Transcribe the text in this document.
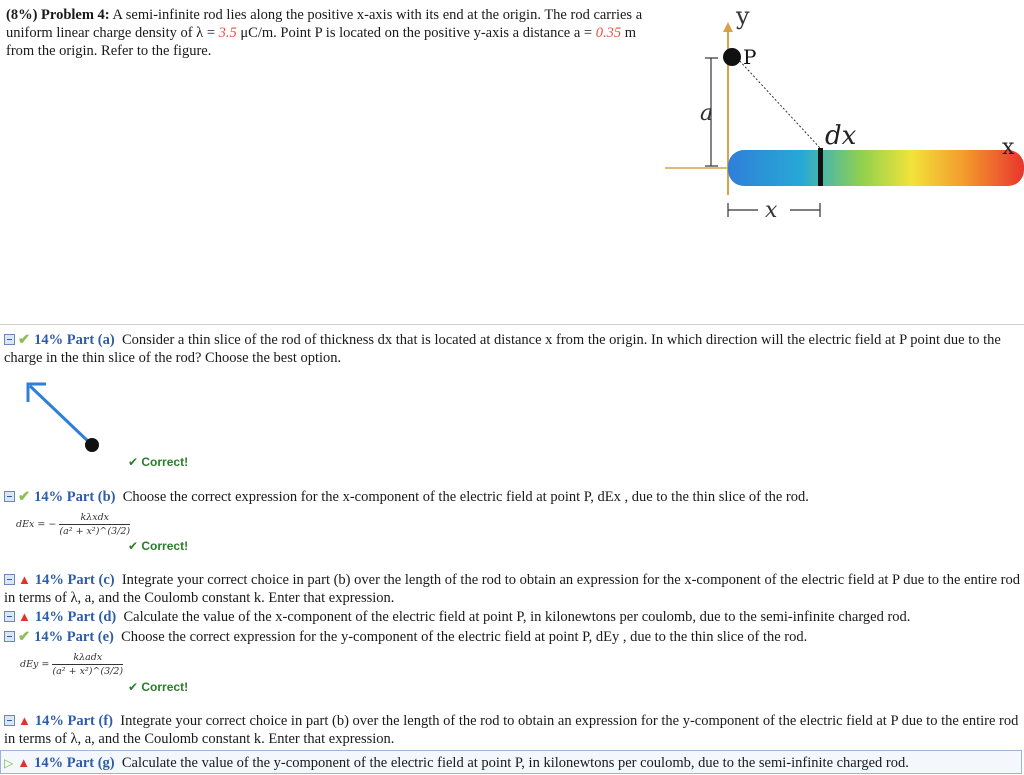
(8%) Problem 4: A semi-infinite rod lies along the positive x-axis with its end at the origin. The rod carries a uniform linear charge density of λ = 3.5 μC/m. Point P is located on the positive y-axis a distance a = 0.35 m from the origin. Refer to the figure.
a
P
y
dx	x
x
✔ 14% Part (a) Consider a thin slice of the rod of thickness dx that is located at distance x from the origin. In which direction will the electric field at P point due to the charge in the thin slice of the rod? Choose the best option.
✔ Correct!
✔ 14% Part (b) Choose the correct expression for the x-component of the electric field at point P, dEx , due to the thin slice of the rod.
dEx = − $\frac{\text{kλxdx}}{\text{(a² + x²)\textasciicircum{}(3/2)}}$
✔ Correct!
▲ 14% Part (c) Integrate your correct choice in part (b) over the length of the rod to obtain an expression for the x-component of the electric field at P due to the entire rod in terms of λ, a, and the Coulomb constant k. Enter that expression.
▲ 14% Part (d) Calculate the value of the x-component of the electric field at point P, in kilonewtons per coulomb, due to the semi-infinite charged rod.
✔ 14% Part (e) Choose the correct expression for the y-component of the electric field at point P, dEy , due to the thin slice of the rod.
dEy = $\frac{\text{kλadx}}{\text{(a² + x²)\textasciicircum{}(3/2)}}$
✔ Correct!
▲ 14% Part (f) Integrate your correct choice in part (b) over the length of the rod to obtain an expression for the y-component of the electric field at P due to the entire rod in terms of λ, a, and the Coulomb constant k. Enter that expression.
▷ ▲ 14% Part (g) Calculate the value of the y-component of the electric field at point P, in kilonewtons per coulomb, due to the semi-infinite charged rod.
